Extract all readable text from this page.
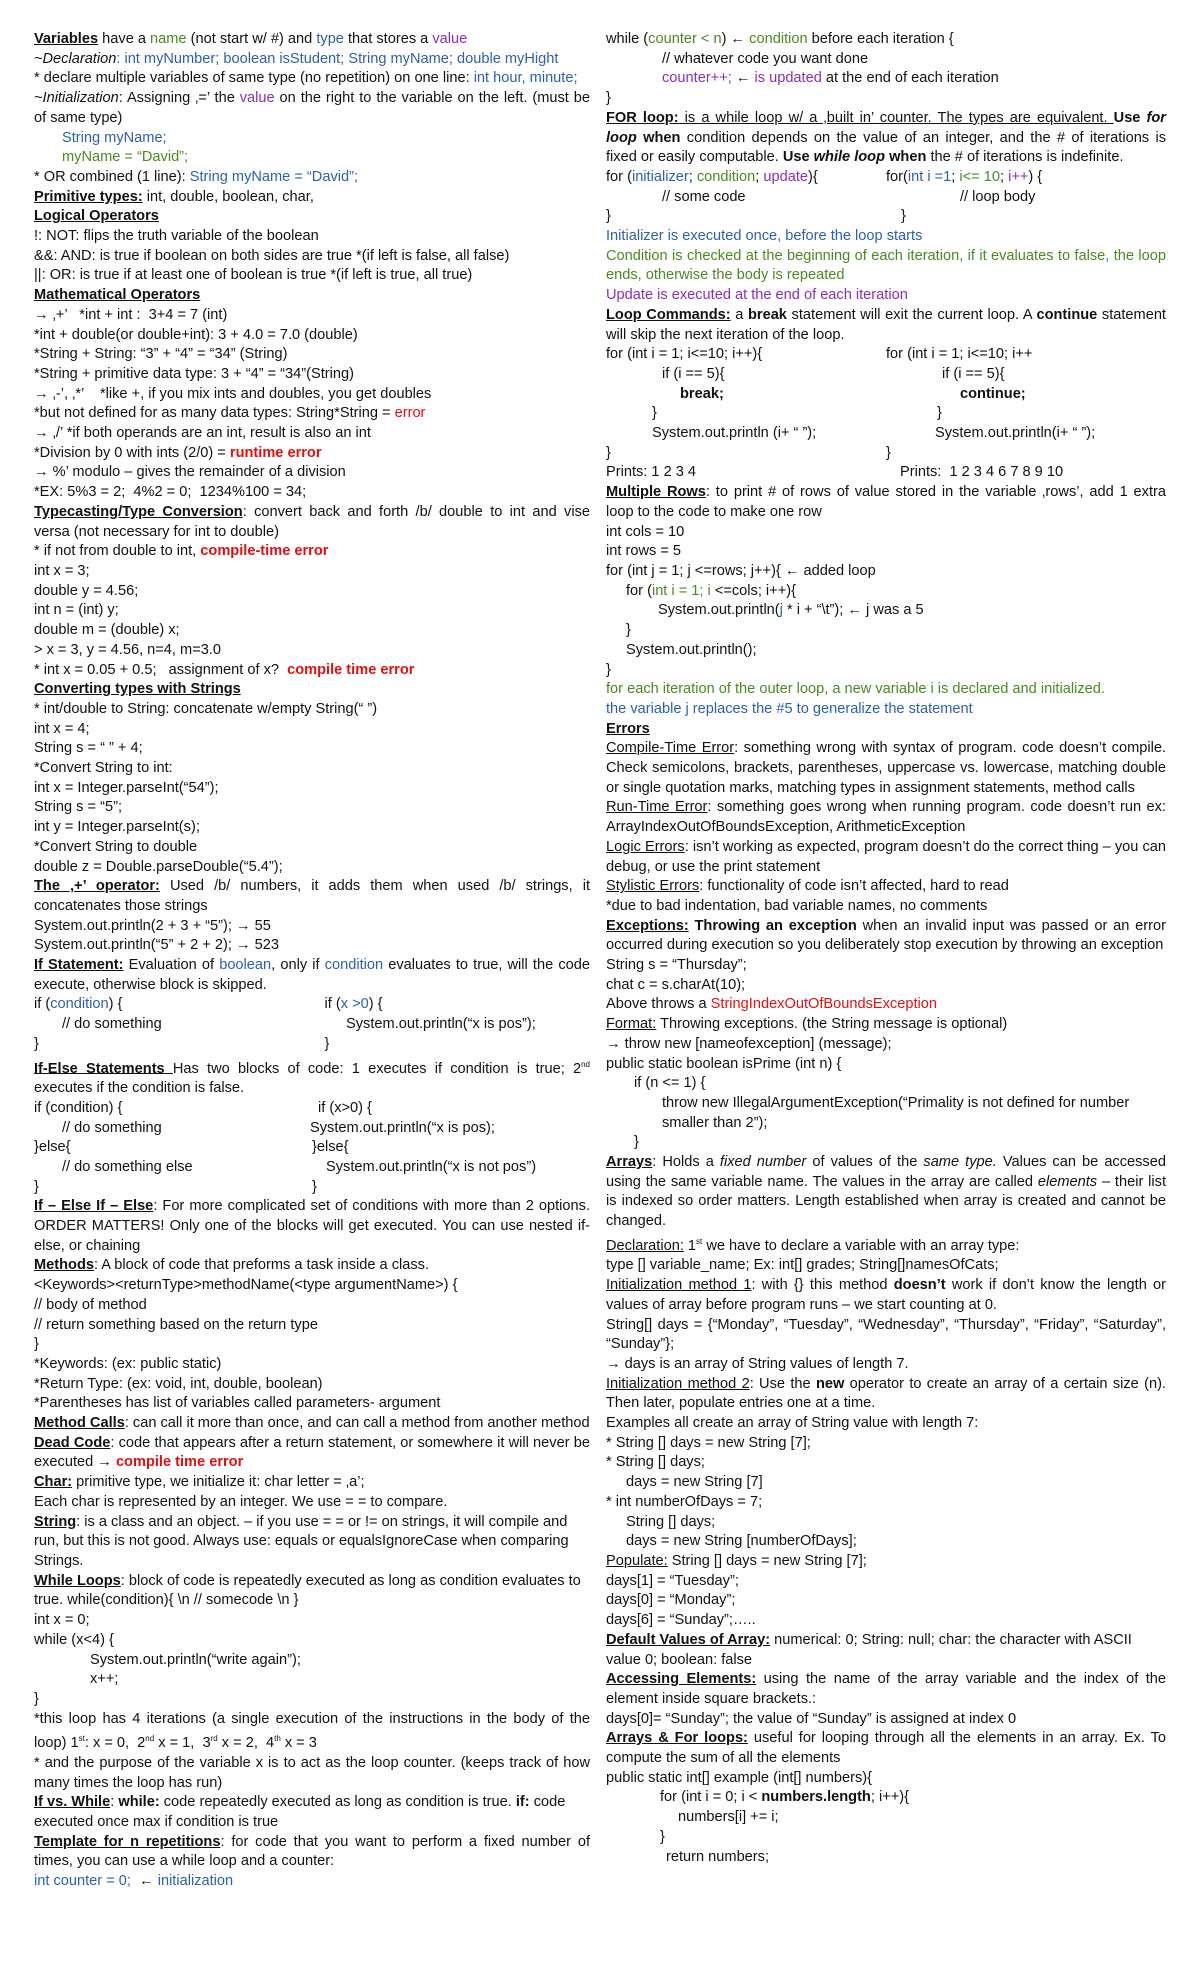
Variables have a name (not start w/ #) and type that stores a value
~Declaration: int myNumber; boolean isStudent; String myName; double myHight
* declare multiple variables of same type (no repetition) on one line: int hour, minute;
~Initialization: Assigning ‚=’ the value on the right to the variable on the left. (must be of same type)
String myName;
myName = “David”;
* OR combined (1 line): String myName = “David”;
Primitive types: int, double, boolean, char,
Logical Operators
!: NOT: flips the truth variable of the boolean
&&: AND: is true if boolean on both sides are true *(if left is false, all false)
||: OR: is true if at least one of boolean is true *(if left is true, all true)
Mathematical Operators
→ ‚+’   *int + int :  3+4 = 7 (int)
*int + double(or double+int): 3 + 4.0 = 7.0 (double)
*String + String: “3” + “4” = “34” (String)
*String + primitive data type: 3 + “4” = “34”(String)
→ ‚-’, ‚*’    *like +, if you mix ints and doubles, you get doubles
*but not defined for as many data types: String*String = error
→ ‚/’ *if both operands are an int, result is also an int
*Division by 0 with ints (2/0) = runtime error
→ %’ modulo – gives the remainder of a division
*EX: 5%3 = 2;  4%2 = 0;  1234%100 = 34;
Typecasting/Type Conversion: convert back and forth /b/ double to int and vise versa (not necessary for int to double)
* if not from double to int, compile-time error
int x = 3;
double y = 4.56;
int n = (int) y;
double m = (double) x;
> x = 3, y = 4.56, n=4, m=3.0
* int x = 0.05 + 0.5;   assignment of x?  compile time error
Converting types with Strings
* int/double to String: concatenate w/empty String(“ ”)
int x = 4;
String s = “ ” + 4;
*Convert String to int:
int x = Integer.parseInt(“54”);
String s = “5”;
int y = Integer.parseInt(s);
*Convert String to double
double z = Double.parseDouble(“5.4”);
The ‚+’ operator: Used /b/ numbers, it adds them when used /b/ strings, it concatenates those strings
System.out.println(2 + 3 + “5”); → 55
System.out.println(“5” + 2 + 2); → 523
If Statement: Evaluation of boolean, only if condition evaluates to true, will the code execute, otherwise block is skipped.
if (condition) {	if (x >0) {
// do something	System.out.println(“x is pos”);
}	}
If-Else Statements Has two blocks of code: 1 executes if condition is true; 2nd executes if the condition is false.
if (condition) {	if (x>0) {
// do something	System.out.println(“x is pos);
}else{	}else{
// do something else	System.out.println(“x is not pos”)
}	}
If – Else If – Else: For more complicated set of conditions with more than 2 options. ORDER MATTERS! Only one of the blocks will get executed. You can use nested if-else, or chaining
Methods: A block of code that preforms a task inside a class.
<Keywords><returnType>methodName(<type argumentName>) {
// body of method
// return something based on the return type
}
*Keywords: (ex: public static)
*Return Type: (ex: void, int, double, boolean)
*Parentheses has list of variables called parameters- argument
Method Calls: can call it more than once, and can call a method from another method
Dead Code: code that appears after a return statement, or somewhere it will never be executed → compile time error
Char: primitive type, we initialize it: char letter = ‚a’;
Each char is represented by an integer. We use = = to compare.
String: is a class and an object. – if you use = = or != on strings, it will compile and run, but this is not good. Always use: equals or equalsIgnoreCase when comparing Strings.
While Loops: block of code is repeatedly executed as long as condition evaluates to true. while(condition){ \n // somecode \n }
int x = 0;
while (x<4) {
System.out.println(“write again”);
x++;
}
*this loop has 4 iterations (a single execution of the instructions in the body of the loop) 1st: x = 0,  2nd x = 1,  3rd x = 2,  4th x = 3
* and the purpose of the variable x is to act as the loop counter. (keeps track of how many times the loop has run)
If vs. While: while: code repeatedly executed as long as condition is true. if: code executed once max if condition is true
Template for n repetitions: for code that you want to perform a fixed number of times, you can use a while loop and a counter:
int counter = 0;  ← initialization
while (counter < n) ← condition before each iteration {
// whatever code you want done
counter++; ← is updated at the end of each iteration
}
FOR loop: is a while loop w/ a ‚built in’ counter. The types are equivalent. Use for loop when condition depends on the value of an integer, and the # of iterations is fixed or easily computable. Use while loop when the # of iterations is indefinite.
for (initializer; condition; update){	for(int i =1; i<= 10; i++) {
// some code	// loop body
}	}
Initializer is executed once, before the loop starts
Condition is checked at the beginning of each iteration, if it evaluates to false, the loop ends, otherwise the body is repeated
Update is executed at the end of each iteration
Loop Commands: a break statement will exit the current loop. A continue statement will skip the next iteration of the loop.
for (int i = 1; i<=10; i++){	for (int i = 1; i<=10; i++
if (i == 5){	if (i == 5){
break;	continue;
}	}
System.out.println (i+ “ ”);	System.out.println(i+ “ ”);
}	}
Prints: 1 2 3 4	Prints:  1 2 3 4 6 7 8 9 10
Multiple Rows: to print # of rows of value stored in the variable ‚rows’, add 1 extra loop to the code to make one row
int cols = 10
int rows = 5
for (int j = 1; j <=rows; j++){ ← added loop
for (int i = 1; i <=cols; i++){
System.out.println(j * i + “\t”); ← j was a 5
}
System.out.println();
}
for each iteration of the outer loop, a new variable i is declared and initialized.
the variable j replaces the #5 to generalize the statement
Errors
Compile-Time Error: something wrong with syntax of program. code doesn’t compile. Check semicolons, brackets, parentheses, uppercase vs. lowercase, matching double or single quotation marks, matching types in assignment statements, method calls
Run-Time Error: something goes wrong when running program. code doesn’t run ex: ArrayIndexOutOfBoundsException, ArithmeticException
Logic Errors: isn’t working as expected, program doesn’t do the correct thing – you can debug, or use the print statement
Stylistic Errors: functionality of code isn’t affected, hard to read
*due to bad indentation, bad variable names, no comments
Exceptions: Throwing an exception when an invalid input was passed or an error occurred during execution so you deliberately stop execution by throwing an exception
String s = “Thursday”;
chat c = s.charAt(10);
Above throws a StringIndexOutOfBoundsException
Format: Throwing exceptions. (the String message is optional)
→ throw new [nameofexception] (message);
public static boolean isPrime (int n) {
if (n <= 1) {
throw new IllegalArgumentException(“Primality is not defined for number smaller than 2”);
}
Arrays: Holds a fixed number of values of the same type. Values can be accessed using the same variable name. The values in the array are called elements – their list is indexed so order matters. Length established when array is created and cannot be changed.
Declaration: 1st we have to declare a variable with an array type:
type [] variable_name; Ex: int[] grades; String[]namesOfCats;
Initialization method 1: with {} this method doesn’t work if don’t know the length or values of array before program runs – we start counting at 0.
String[] days = {“Monday”, “Tuesday”, “Wednesday”, “Thursday”, “Friday”, “Saturday”, “Sunday”};
→ days is an array of String values of length 7.
Initialization method 2: Use the new operator to create an array of a certain size (n). Then later, populate entries one at a time.
Examples all create an array of String value with length 7:
* String [] days = new String [7];
* String [] days;
days = new String [7]
* int numberOfDays = 7;
String [] days;
days = new String [numberOfDays];
Populate: String [] days = new String [7];
days[1] = “Tuesday”;
days[0] = “Monday”;
days[6] = “Sunday”;…..
Default Values of Array: numerical: 0; String: null; char: the character with ASCII value 0; boolean: false
Accessing Elements: using the name of the array variable and the index of the element inside square brackets.:
days[0]= “Sunday”; the value of “Sunday” is assigned at index 0
Arrays & For loops: useful for looping through all the elements in an array. Ex. To compute the sum of all the elements
public static int[] example (int[] numbers){
for (int i = 0; i < numbers.length; i++){
numbers[i] += i;
}
return numbers;
